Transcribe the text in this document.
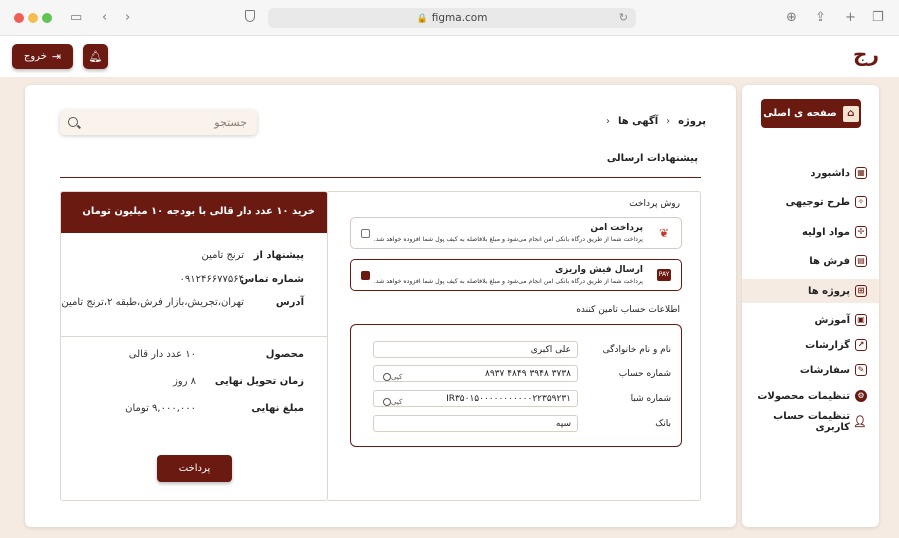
▭ ‹ ›	🔒 figma.com	↻	⊕ ⇪ + ❐
خروج ⇥ 🔔︎	رج
صفحه ی اصلی	⌂
▦
داشبورد
✧
طرح توجیهی
✢
مواد اولیه
▤
فرش ها
⊞
پروژه ها
▣
آموزش
↗
گزارشات
✎
سفارشات
⚙
تنظیمات محصولات
👤︎
تنظیمات حساب کاربری
پروژه
‹
آگهی ها
‹
جستجو
پیشنهادات ارسالی
خرید ۱۰ عدد دار قالی با بودجه ۱۰ میلیون تومان
پیشنهاد از
ترنج تامین
شماره تماس
۰۹۱۲۴۶۶۷۷۵۶۴
آدرس
تهران،تجریش،بازار فرش،طبقه ۲،ترنج تامین
محصول
۱۰ عدد دار قالی
زمان تحویل نهایی
۸ روز
مبلغ نهایی
۹,۰۰۰,۰۰۰ تومان
پرداخت
روش پرداخت
❦
پرداخت امن
پرداخت شما از طریق درگاه بانکی امن انجام می‌شود و مبلغ بلافاصله به کیف پول شما افزوده خواهد شد.
PAY
ارسال فیش واریزی
پرداخت شما از طریق درگاه بانکی امن انجام می‌شود و مبلغ بلافاصله به کیف پول شما افزوده خواهد شد.
اطلاعات حساب تامین کننده
نام و نام خانوادگی
علی اکبری
شماره حساب
۳۷۳۸ ۳۹۴۸ ۴۸۴۹ ۸۹۳۷
کپی
شماره شبا
IR۳۵۰۱۵۰۰۰۰۰۰۰۰۰۰۰۲۲۳۵۹۲۳۱
کپی
بانک
سپه
